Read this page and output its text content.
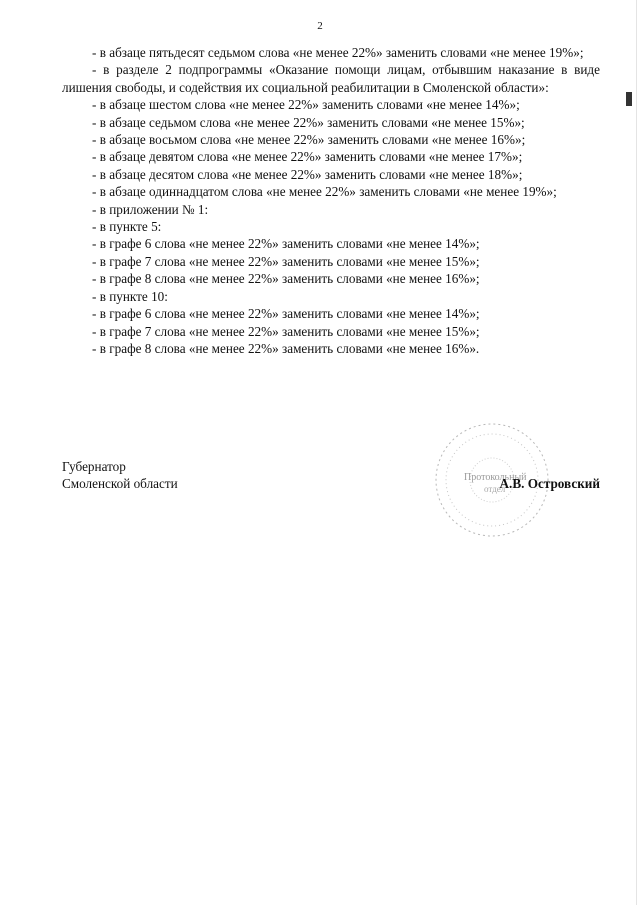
2

- в абзаце пятьдесят седьмом слова «не менее 22%» заменить словами «не менее 19%»;

- в разделе 2 подпрограммы «Оказание помощи лицам, отбывшим наказание в виде лишения свободы, и содействия их социальной реабилитации в Смоленской области»:

- в абзаце шестом слова «не менее 22%» заменить словами «не менее 14%»;

- в абзаце седьмом слова «не менее 22%» заменить словами «не менее 15%»;

- в абзаце восьмом слова «не менее 22%» заменить словами «не менее 16%»;

- в абзаце девятом слова «не менее 22%» заменить словами «не менее 17%»;

- в абзаце десятом слова «не менее 22%» заменить словами «не менее 18%»;

- в абзаце одиннадцатом слова «не менее 22%» заменить словами «не менее 19%»;

- в приложении № 1:

- в пункте 5:

- в графе 6 слова «не менее 22%» заменить словами «не менее 14%»;

- в графе 7 слова «не менее 22%» заменить словами «не менее 15%»;

- в графе 8 слова «не менее 22%» заменить словами «не менее 16%»;

- в пункте 10:

- в графе 6 слова «не менее 22%» заменить словами «не менее 14%»;

- в графе 7 слова «не менее 22%» заменить словами «не менее 15%»;

- в графе 8 слова «не менее 22%» заменить словами «не менее 16%».

Протокольный
отдел
Губернатор
Смоленской области	А.В. Островский
